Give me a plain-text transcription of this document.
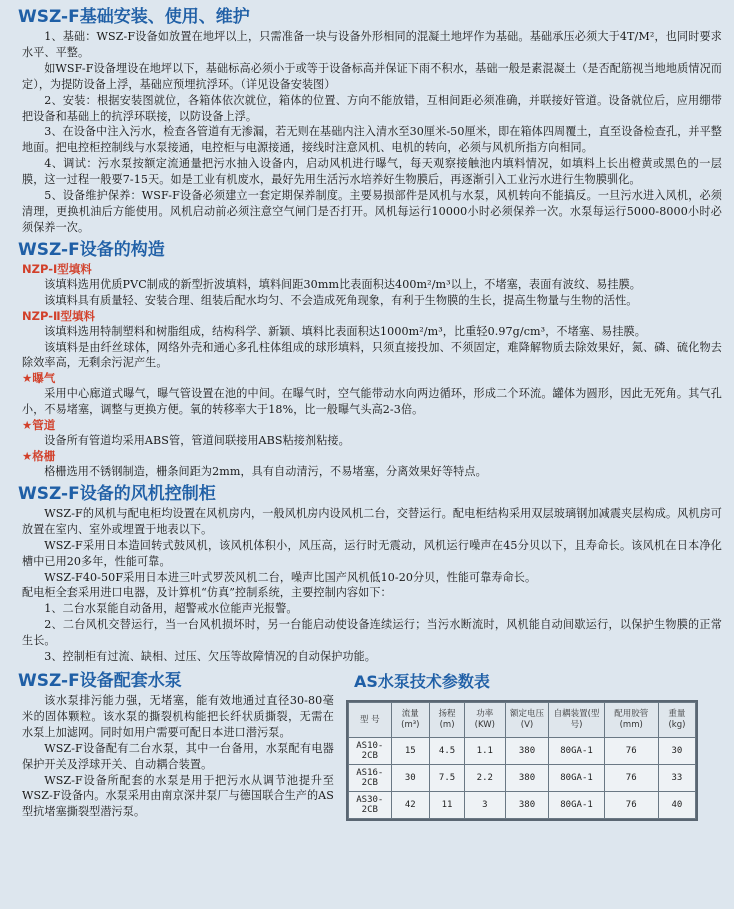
WSZ-F基础安装、使用、维护

1、基础：WSZ-F设备如放置在地坪以上，只需准备一块与设备外形相同的混凝土地坪作为基础。基础承压必须大于4T/M²，也同时要求水平、平整。

如WSF-F设备埋设在地坪以下，基础标高必须小于或等于设备标高并保证下雨不积水，基础一般是素混凝土（是否配筋视当地地质情况而定），为提防设备上浮，基础应预埋抗浮环。（详见设备安装图）

2、安装：根据安装图就位，各箱体依次就位，箱体的位置、方向不能放错，互相间距必须准确，并联接好管道。设备就位后，应用绷带把设备和基础上的抗浮环联接，以防设备上浮。

3、在设备中注入污水，检查各管道有无渗漏，若无则在基础内注入清水至30厘米-50厘米，即在箱体四周覆土，直至设备检查孔，并平整地面。把电控柜控制线与水泵接通，电控柜与电源接通，接线时注意风机、电机的转向，必须与风机所指方向相同。

4、调试：污水泵按额定流通量把污水抽入设备内，启动风机进行曝气，每天观察接触池内填料情况，如填料上长出橙黄或黑色的一层膜，这一过程一般要7-15天。如是工业有机废水，最好先用生活污水培养好生物膜后，再逐渐引入工业污水进行生物膜驯化。

5、设备维护保养：WSF-F设备必须建立一套定期保养制度。主要易损部件是风机与水泵，风机转向不能搞反。一旦污水进入风机，必须清理，更换机油后方能使用。风机启动前必须注意空气闸门是否打开。风机每运行10000小时必须保养一次。水泵每运行5000-8000小时必须保养一次。

WSZ-F设备的构造
NZP-Ⅰ型填料

该填料选用优质PVC制成的新型折波填料，填料间距30mm比表面积达400m²/m³以上，不堵塞，表面有波纹、易挂膜。

该填料具有质量轻、安装合理、组装后配水均匀、不会造成死角现象，有利于生物膜的生长，提高生物量与生物的活性。

NZP-Ⅱ型填料

该填料选用特制塑料和树脂组成，结构科学、新颖、填料比表面积达1000m²/m³，比重轻0.97g/cm³，不堵塞、易挂膜。

该填料是由纤丝球体，网络外壳和通心多孔柱体组成的球形填料，只须直接投加、不须固定，难降解物质去除效果好，氮、磷、硫化物去除效率高，无剩余污泥产生。

★曝气

采用中心廊道式曝气，曝气管设置在池的中间。在曝气时，空气能带动水向两边循环，形成二个环流。罐体为圆形，因此无死角。其气孔小，不易堵塞，调整与更换方便。氧的转移率大于18%，比一般曝气头高2-3倍。

★管道

设备所有管道均采用ABS管，管道间联接用ABS粘接剂粘接。

★格栅

格栅选用不锈钢制造，栅条间距为2mm，具有自动清污，不易堵塞，分离效果好等特点。

WSZ-F设备的风机控制柜

WSZ-F的风机与配电柜均设置在风机房内，一般风机房内设风机二台，交替运行。配电柜结构采用双层玻璃钢加减震夹层构成。风机房可放置在室内、室外或埋置于地表以下。

WSZ-F采用日本造回转式鼓风机，该风机体积小，风压高，运行时无震动，风机运行噪声在45分贝以下，且寿命长。该风机在日本净化槽中已用20多年，性能可靠。

WSZ-F40-50F采用日本进三叶式罗茨风机二台，噪声比国产风机低10-20分贝，性能可靠寿命长。

配电柜全套采用进口电器，及计算机“仿真”控制系统，主要控制内容如下：

1、二台水泵能自动备用，超警戒水位能声光报警。

2、二台风机交替运行，当一台风机损坏时，另一台能启动使设备连续运行；当污水断流时，风机能自动间歇运行，以保护生物膜的正常生长。

3、控制柜有过流、缺相、过压、欠压等故障情况的自动保护功能。

WSZ-F设备配套水泵

该水泵排污能力强，无堵塞，能有效地通过直径30-80毫米的固体颗粒。该水泵的撕裂机构能把长纤状质撕裂，无需在水泵上加滤网。同时如用户需要可配日本进口潜污泵。

WSZ-F设备配有二台水泵，其中一台备用，水泵配有电器保护开关及浮球开关、自动耦合装置。

WSZ-F设备所配套的水泵是用于把污水从调节池提升至WSZ-F设备内。水泵采用由南京深井泵厂与德国联合生产的AS型抗堵塞撕裂型潜污泵。

AS水泵技术参数表
型 号	流量 (m³)	扬程 (m)	功率 (KW)	额定电压(V)	自耦装置(型号)	配用胶管(mm)	重量 (kg)
AS10-2CB	15	4.5	1.1	380	80GA-1	76	30
AS16-2CB	30	7.5	2.2	380	80GA-1	76	33
AS30-2CB	42	11	3	380	80GA-1	76	40
